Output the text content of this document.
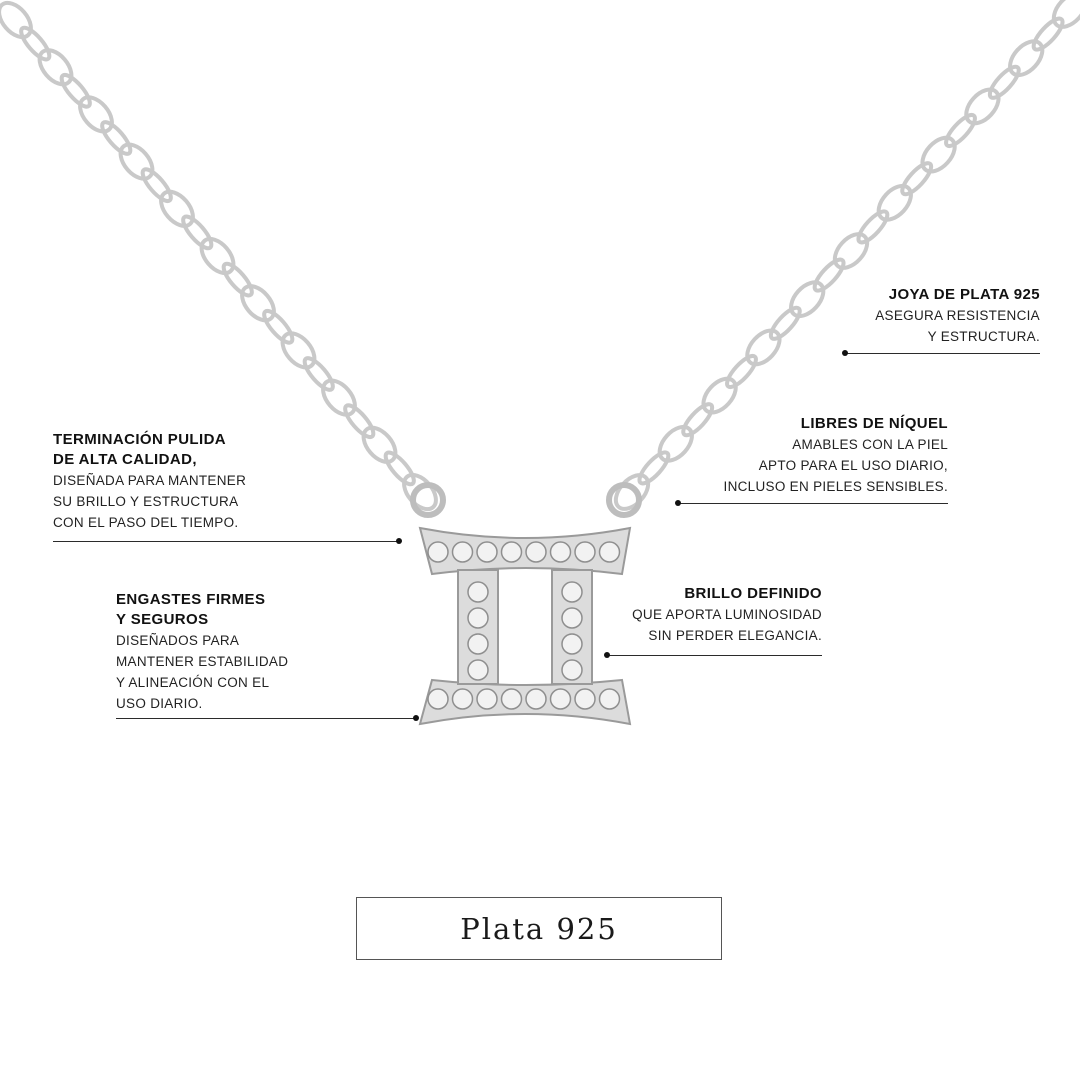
JOYA DE PLATA 925
ASEGURA RESISTENCIA
Y ESTRUCTURA.
LIBRES DE NÍQUEL
AMABLES CON LA PIEL
APTO PARA EL USO DIARIO,
INCLUSO EN PIELES SENSIBLES.
TERMINACIÓN PULIDA
DE ALTA CALIDAD,
DISEÑADA PARA MANTENER
SU BRILLO Y ESTRUCTURA
CON EL PASO DEL TIEMPO.
BRILLO DEFINIDO
QUE APORTA LUMINOSIDAD
SIN PERDER ELEGANCIA.
ENGASTES FIRMES
Y SEGUROS
DISEÑADOS PARA
MANTENER ESTABILIDAD
Y ALINEACIÓN CON EL
USO DIARIO.
Plata 925
